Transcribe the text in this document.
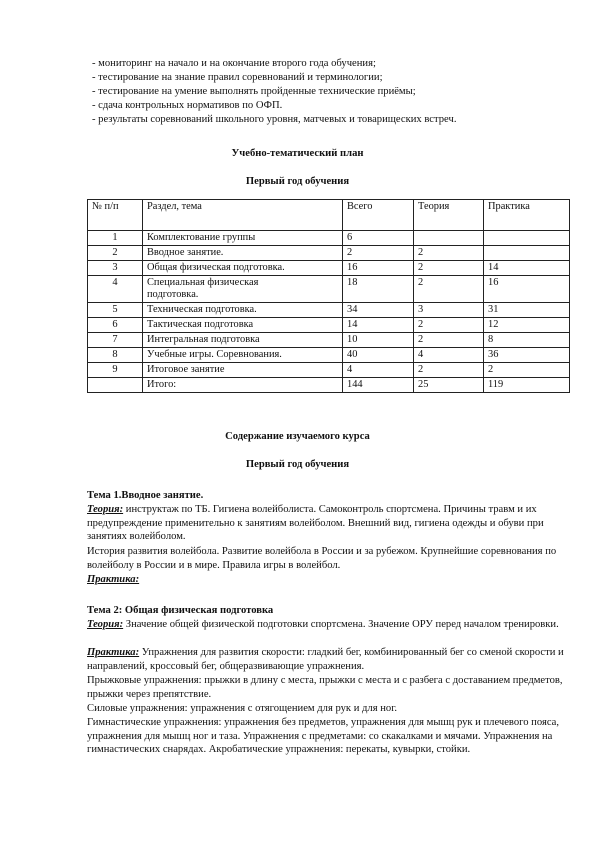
- мониторинг на начало и на окончание второго года обучения;
- тестирование на знание правил соревнований и терминологии;
- тестирование на умение выполнять пройденные технические приёмы;
- сдача контрольных нормативов по ОФП.
- результаты соревнований школьного уровня, матчевых и товарищеских встреч.
Учебно-тематический план
Первый год обучения
№ п/п	Раздел, тема	Всего	Теория	Практика
1	Комплектование группы	6		
2	Вводное занятие.	2	2	
3	Общая физическая подготовка.	16	2	14
4	Специальная физическая подготовка.	18	2	16
5	Техническая подготовка.	34	3	31
6	Тактическая подготовка	14	2	12
7	Интегральная подготовка	10	2	8
8	Учебные игры. Соревнования.	40	4	36
9	Итоговое занятие	4	2	2
	Итого:	144	25	119
Содержание изучаемого курса
Первый год обучения
Тема 1.Вводное занятие.
Теория: инструктаж по ТБ. Гигиена волейболиста. Самоконтроль спортсмена. Причины травм и их предупреждение применительно к занятиям волейболом. Внешний вид, гигиена одежды и обуви при занятиях волейболом.
История развития волейбола. Развитие волейбола в России и за рубежом. Крупнейшие соревнования по волейболу в России и в мире. Правила игры в волейбол.
Практика:
Тема 2: Общая физическая подготовка
Теория: Значение общей физической подготовки спортсмена. Значение ОРУ перед началом тренировки.
Практика: Упражнения для развития скорости: гладкий бег, комбинированный бег со сменой скорости и направлений, кроссовый бег, общеразвивающие упражнения.
Прыжковые упражнения: прыжки в длину с места, прыжки с места и с разбега с доставанием предметов, прыжки через препятствие.
Силовые упражнения: упражнения с отягощением для рук и для ног.
Гимнастические упражнения: упражнения без предметов, упражнения для мышц рук и плечевого пояса, упражнения для мышц ног и таза. Упражнения с предметами: со скакалками и мячами. Упражнения на гимнастических снарядах. Акробатические упражнения: перекаты, кувырки, стойки.
